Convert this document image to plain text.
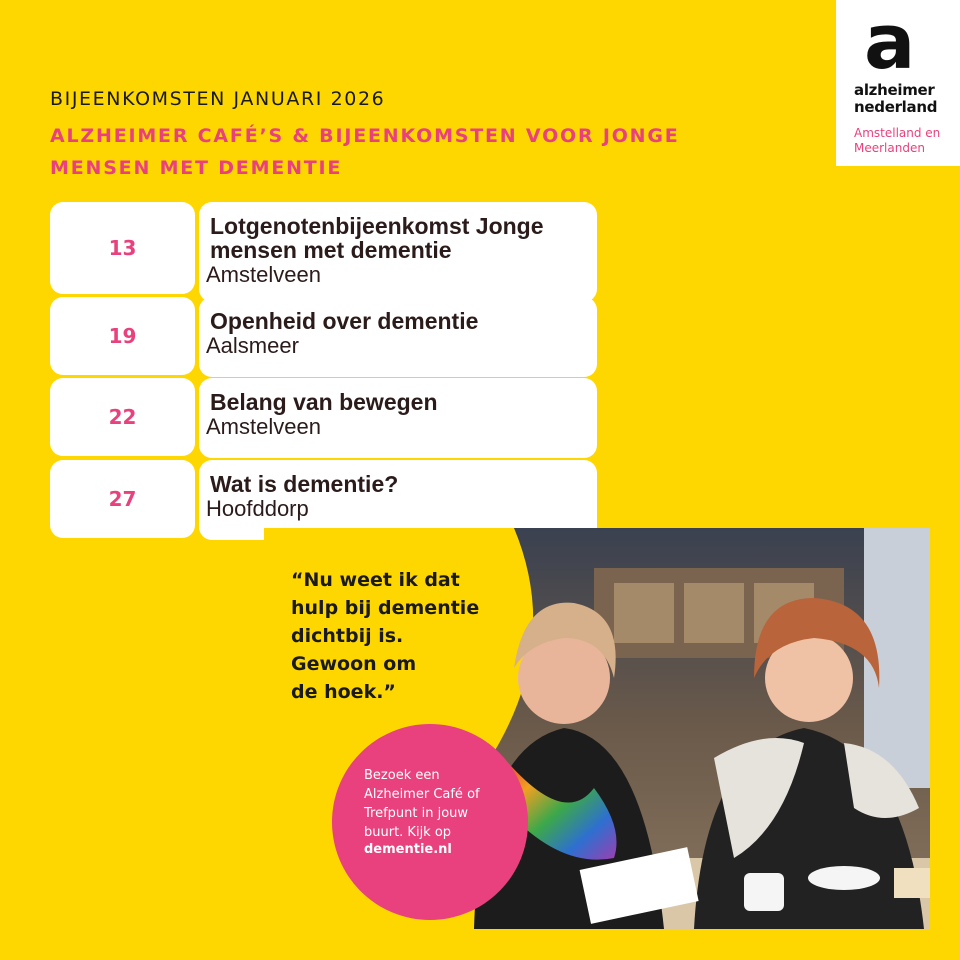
a
alzheimer
nederland
Amstelland en
Meerlanden
BIJEENKOMSTEN JANUARI 2026
ALZHEIMER CAFÉ’S & BIJEENKOMSTEN VOOR JONGE MENSEN MET DEMENTIE
13
Lotgenotenbijeenkomst Jonge mensen met dementie
Amstelveen
19
Openheid over dementie
Aalsmeer
22
Belang van bewegen
Amstelveen
27
Wat is dementie?
Hoofddorp
“Nu weet ik dat
hulp bij dementie
dichtbij is.
Gewoon om
de hoek.”
Bezoek een
Alzheimer Café of
Trefpunt in jouw
buurt. Kijk op
dementie.nl
